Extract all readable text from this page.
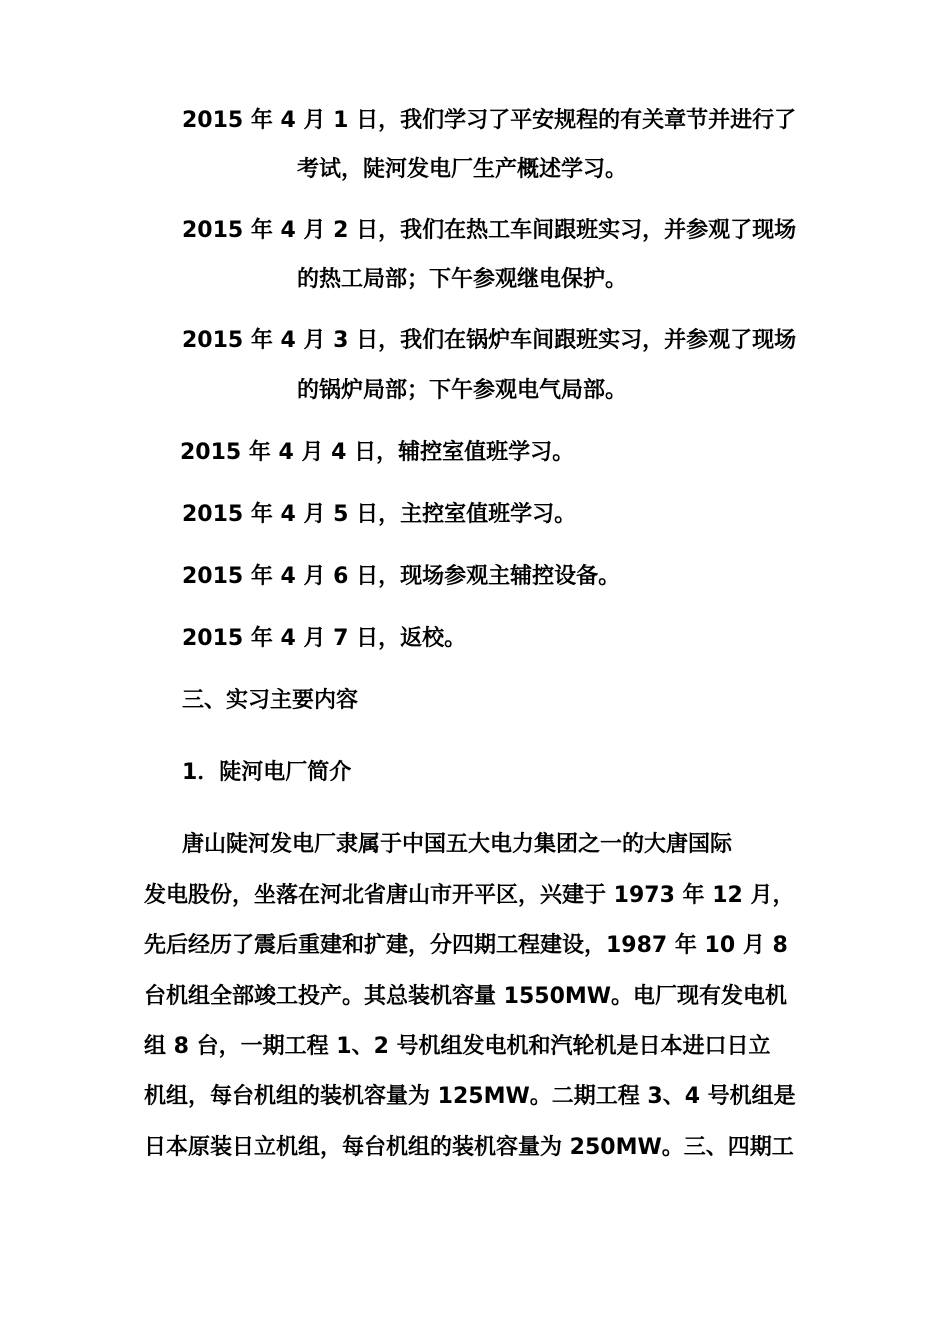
2015 年 4 月 1 日，我们学习了平安规程的有关章节并进行了
考试，陡河发电厂生产概述学习。
2015 年 4 月 2 日，我们在热工车间跟班实习，并参观了现场
的热工局部；下午参观继电保护。
2015 年 4 月 3 日，我们在锅炉车间跟班实习，并参观了现场
的锅炉局部；下午参观电气局部。
2015 年 4 月 4 日，辅控室值班学习。
2015 年 4 月 5 日，主控室值班学习。
2015 年 4 月 6 日，现场参观主辅控设备。
2015 年 4 月 7 日，返校。
三、实习主要内容
1．陡河电厂简介
唐山陡河发电厂隶属于中国五大电力集团之一的大唐国际
发电股份，坐落在河北省唐山市开平区，兴建于 1973 年 12 月，
先后经历了震后重建和扩建，分四期工程建设，1987 年 10 月 8
台机组全部竣工投产。其总装机容量 1550MW。电厂现有发电机
组 8 台，一期工程 1、2 号机组发电机和汽轮机是日本进口日立
机组，每台机组的装机容量为 125MW。二期工程 3、4 号机组是
日本原装日立机组，每台机组的装机容量为 250MW。三、四期工
